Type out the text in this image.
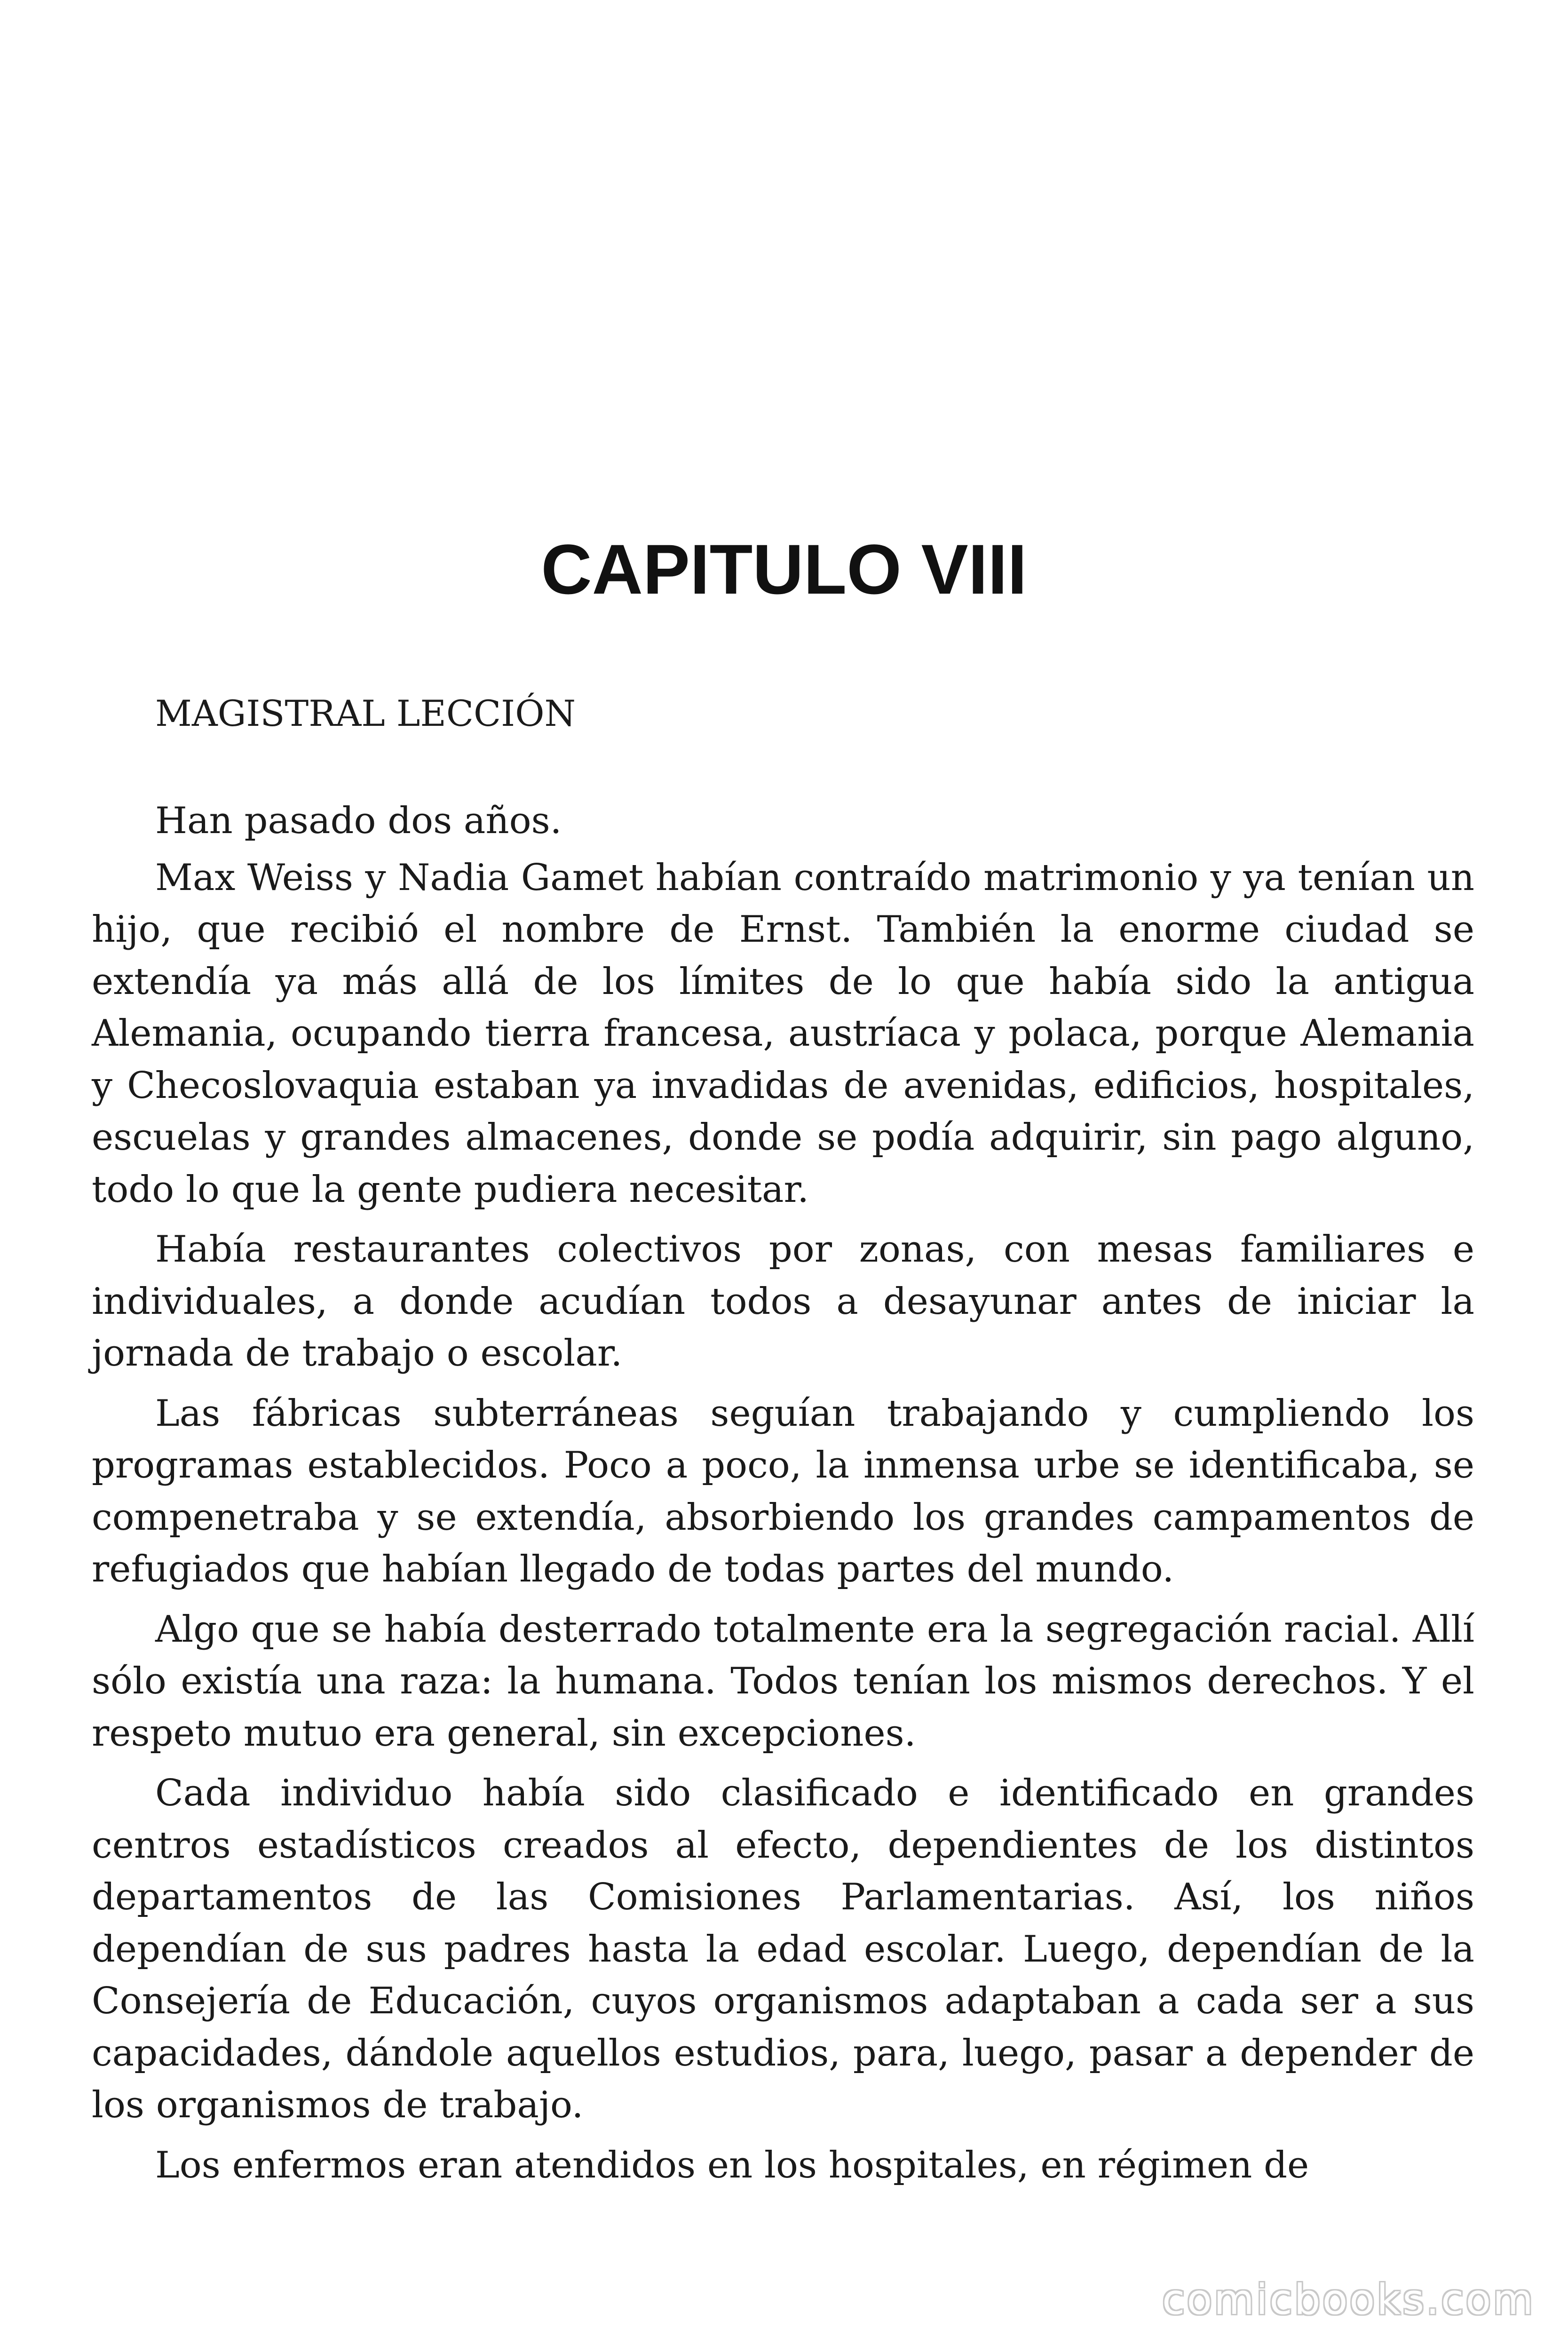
CAPITULO VIII
MAGISTRAL LECCIÓN

Han pasado dos años.

Max Weiss y Nadia Gamet habían contraído matrimonio y ya tenían un hijo, que recibió el nombre de Ernst. También la enorme ciudad se extendía ya más allá de los límites de lo que había sido la antigua Alemania, ocupando tierra francesa, austríaca y polaca, porque Alemania y Checoslovaquia estaban ya invadidas de avenidas, edificios, hospitales, escuelas y grandes almacenes, donde se podía adquirir, sin pago alguno, todo lo que la gente pudiera necesitar.

Había restaurantes colectivos por zonas, con mesas familiares e individuales, a donde acudían todos a desayunar antes de iniciar la jornada de trabajo o escolar.

Las fábricas subterráneas seguían trabajando y cumpliendo los programas establecidos. Poco a poco, la inmensa urbe se identificaba, se compenetraba y se extendía, absorbiendo los grandes campamentos de refugiados que habían llegado de todas partes del mundo.

Algo que se había desterrado totalmente era la segregación racial. Allí sólo existía una raza: la humana. Todos tenían los mismos derechos. Y el respeto mutuo era general, sin excepciones.

Cada individuo había sido clasificado e identificado en grandes centros estadísticos creados al efecto, dependientes de los distintos departamentos de las Comisiones Parlamentarias. Así, los niños dependían de sus padres hasta la edad escolar. Luego, dependían de la Consejería de Educación, cuyos organismos adaptaban a cada ser a sus capacidades, dándole aquellos estudios, para, luego, pasar a depender de los organismos de trabajo.

Los enfermos eran atendidos en los hospitales, en régimen de

comicbooks.com
